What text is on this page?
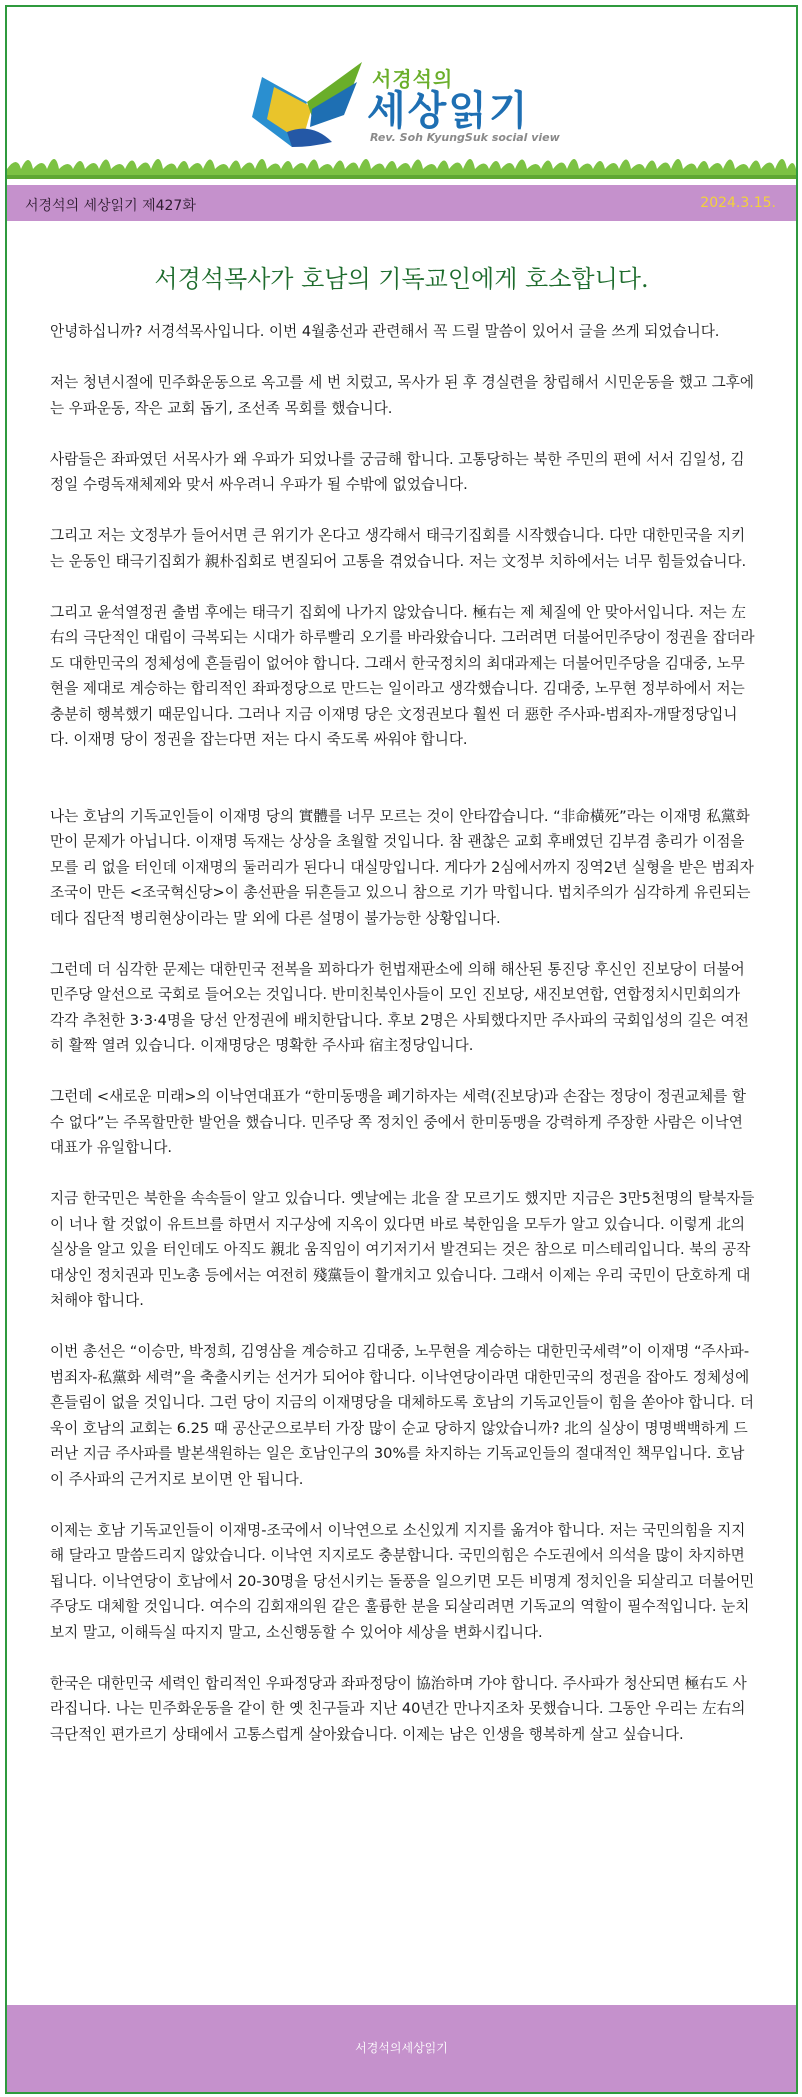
서경석의
세상읽기
Rev. Soh KyungSuk social view
서경석의 세상읽기 제427화	2024.3.15.
서경석목사가 호남의 기독교인에게 호소합니다.

안녕하십니까? 서경석목사입니다. 이번 4월총선과 관련해서 꼭 드릴 말씀이 있어서 글을 쓰게 되었습니다.

저는 청년시절에 민주화운동으로 옥고를 세 번 치렀고, 목사가 된 후 경실련을 창립해서 시민운동을 했고 그후에는 우파운동, 작은 교회 돕기, 조선족 목회를 했습니다.

사람들은 좌파였던 서목사가 왜 우파가 되었나를 궁금해 합니다. 고통당하는 북한 주민의 편에 서서 김일성, 김정일 수령독재체제와 맞서 싸우려니 우파가 될 수밖에 없었습니다.

그리고 저는 文정부가 들어서면 큰 위기가 온다고 생각해서 태극기집회를 시작했습니다. 다만 대한민국을 지키는 운동인 태극기집회가 親朴집회로 변질되어 고통을 겪었습니다. 저는 文정부 치하에서는 너무 힘들었습니다.

그리고 윤석열정권 출범 후에는 태극기 집회에 나가지 않았습니다. 極右는 제 체질에 안 맞아서입니다. 저는 左右의 극단적인 대립이 극복되는 시대가 하루빨리 오기를 바라왔습니다. 그러려면 더불어민주당이 정권을 잡더라도 대한민국의 정체성에 흔들림이 없어야 합니다. 그래서 한국정치의 최대과제는 더불어민주당을 김대중, 노무현을 제대로 계승하는 합리적인 좌파정당으로 만드는 일이라고 생각했습니다. 김대중, 노무현 정부하에서 저는 충분히 행복했기 때문입니다. 그러나 지금 이재명 당은 文정권보다 훨씬 더 惡한 주사파-범죄자-개딸정당입니다. 이재명 당이 정권을 잡는다면 저는 다시 죽도록 싸워야 합니다.

나는 호남의 기독교인들이 이재명 당의 實體를 너무 모르는 것이 안타깝습니다. “非命橫死”라는 이재명 私黨화만이 문제가 아닙니다. 이재명 독재는 상상을 초월할 것입니다. 참 괜찮은 교회 후배였던 김부겸 총리가 이점을 모를 리 없을 터인데 이재명의 둘러리가 된다니 대실망입니다. 게다가 2심에서까지 징역2년 실형을 받은 범죄자 조국이 만든 <조국혁신당>이 총선판을 뒤흔들고 있으니 참으로 기가 막힙니다. 법치주의가 심각하게 유린되는데다 집단적 병리현상이라는 말 외에 다른 설명이 불가능한 상황입니다.

그런데 더 심각한 문제는 대한민국 전복을 꾀하다가 헌법재판소에 의해 해산된 통진당 후신인 진보당이 더불어민주당 알선으로 국회로 들어오는 것입니다. 반미친북인사들이 모인 진보당, 새진보연합, 연합정치시민회의가 각각 추천한 3·3·4명을 당선 안정권에 배치한답니다. 후보 2명은 사퇴했다지만 주사파의 국회입성의 길은 여전히 활짝 열려 있습니다. 이재명당은 명확한 주사파 宿主정당입니다.

그런데 <새로운 미래>의 이낙연대표가 “한미동맹을 폐기하자는 세력(진보당)과 손잡는 정당이 정권교체를 할 수 없다”는 주목할만한 발언을 했습니다. 민주당 쪽 정치인 중에서 한미동맹을 강력하게 주장한 사람은 이낙연대표가 유일합니다.

지금 한국민은 북한을 속속들이 알고 있습니다. 옛날에는 北을 잘 모르기도 했지만 지금은 3만5천명의 탈북자들이 너나 할 것없이 유트브를 하면서 지구상에 지옥이 있다면 바로 북한임을 모두가 알고 있습니다. 이렇게 北의 실상을 알고 있을 터인데도 아직도 親北 움직임이 여기저기서 발견되는 것은 참으로 미스테리입니다. 북의 공작대상인 정치권과 민노총 등에서는 여전히 殘黨들이 활개치고 있습니다. 그래서 이제는 우리 국민이 단호하게 대처해야 합니다.

이번 총선은 “이승만, 박정희, 김영삼을 계승하고 김대중, 노무현을 계승하는 대한민국세력”이 이재명 “주사파-범죄자-私黨화 세력”을 축출시키는 선거가 되어야 합니다. 이낙연당이라면 대한민국의 정권을 잡아도 정체성에 흔들림이 없을 것입니다. 그런 당이 지금의 이재명당을 대체하도록 호남의 기독교인들이 힘을 쏟아야 합니다. 더욱이 호남의 교회는 6.25 때 공산군으로부터 가장 많이 순교 당하지 않았습니까? 北의 실상이 명명백백하게 드러난 지금 주사파를 발본색원하는 일은 호남인구의 30%를 차지하는 기독교인들의 절대적인 책무입니다. 호남이 주사파의 근거지로 보이면 안 됩니다.

이제는 호남 기독교인들이 이재명-조국에서 이낙연으로 소신있게 지지를 옮겨야 합니다. 저는 국민의힘을 지지해 달라고 말씀드리지 않았습니다. 이낙연 지지로도 충분합니다. 국민의힘은 수도권에서 의석을 많이 차지하면 됩니다. 이낙연당이 호남에서 20-30명을 당선시키는 돌풍을 일으키면 모든 비명계 정치인을 되살리고 더불어민주당도 대체할 것입니다. 여수의 김회재의원 같은 훌륭한 분을 되살리려면 기독교의 역할이 필수적입니다. 눈치보지 말고, 이해득실 따지지 말고, 소신행동할 수 있어야 세상을 변화시킵니다.

한국은 대한민국 세력인 합리적인 우파정당과 좌파정당이 協治하며 가야 합니다. 주사파가 청산되면 極右도 사라집니다. 나는 민주화운동을 같이 한 옛 친구들과 지난 40년간 만나지조차 못했습니다. 그동안 우리는 左右의 극단적인 편가르기 상태에서 고통스럽게 살아왔습니다. 이제는 남은 인생을 행복하게 살고 싶습니다.

서경석의세상읽기
